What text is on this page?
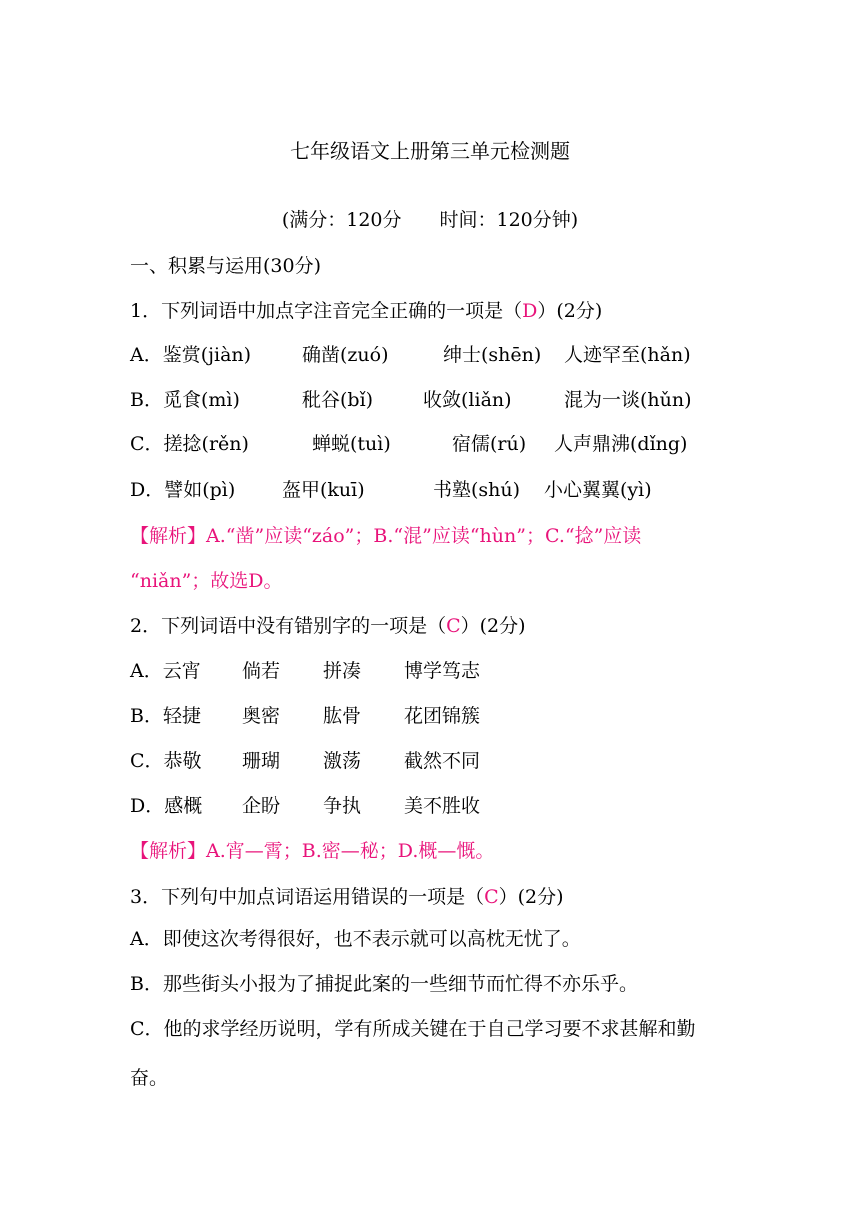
七年级语文上册第三单元检测题
(满分：120分　　时间：120分钟)
一、积累与运用(30分)
1．下列词语中加点字注音完全正确的一项是（D）(2分)
A．鉴赏(jiàn)	确凿(zuó)	绅士(shēn) 人迹罕至(hǎn)
B．觅食(mì)	秕谷(bǐ)	收敛(liǎn)	混为一谈(hǔn)
C．搓捻(rěn)	蝉蜕(tuì)	宿儒(rú) 人声鼎沸(dǐng)
D．譬如(pì) 盔甲(kuī)	书塾(shú) 小心翼翼(yì)
【解析】A.“凿”应读“záo”；B.“混”应读“hùn”；C.“捻”应读
“niǎn”；故选D。
2．下列词语中没有错别字的一项是（C）(2分)
A．云宵 倘若 拼凑 博学笃志
B．轻捷 奥密 肱骨 花团锦簇
C．恭敬 珊瑚 激荡 截然不同
D．感概 企盼 争执 美不胜收
【解析】A.宵—霄；B.密—秘；D.概—慨。
3．下列句中加点词语运用错误的一项是（C）(2分)
A．即使这次考得很好，也不表示就可以高枕无忧了。
B．那些街头小报为了捕捉此案的一些细节而忙得不亦乐乎。
C．他的求学经历说明，学有所成关键在于自己学习要不求甚解和勤
奋。
